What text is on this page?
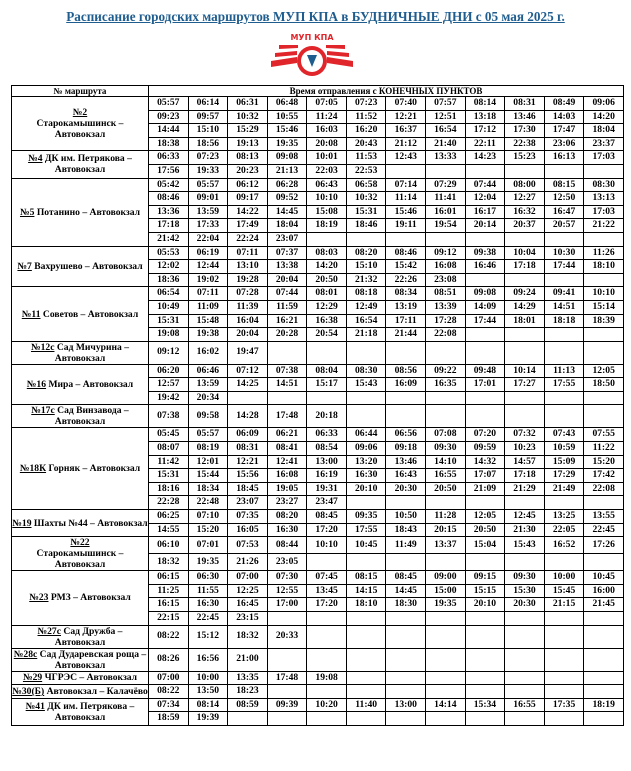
Расписание городских маршрутов МУП КПА в БУДНИЧНЫЕ ДНИ с 05 мая 2025 г.
МУП КПА
№ маршрута	Время отправления с КОНЕЧНЫХ ПУНКТОВ											
№2
Старокамышинск – Автовокзал	05:57	06:14	06:31	06:48	07:05	07:23	07:40	07:57	08:14	08:31	08:49	09:06
	09:23	09:57	10:32	10:55	11:24	11:52	12:21	12:51	13:18	13:46	14:03	14:20
	14:44	15:10	15:29	15:46	16:03	16:20	16:37	16:54	17:12	17:30	17:47	18:04
	18:38	18:56	19:13	19:35	20:08	20:43	21:12	21:40	22:11	22:38	23:06	23:37
№4 ДК им. Петрякова – Автовокзал	06:33	07:23	08:13	09:08	10:01	11:53	12:43	13:33	14:23	15:23	16:13	17:03
	17:56	19:33	20:23	21:13	22:03	22:53						
№5 Потанино – Автовокзал	05:42	05:57	06:12	06:28	06:43	06:58	07:14	07:29	07:44	08:00	08:15	08:30
	08:46	09:01	09:17	09:52	10:10	10:32	11:14	11:41	12:04	12:27	12:50	13:13
	13:36	13:59	14:22	14:45	15:08	15:31	15:46	16:01	16:17	16:32	16:47	17:03
	17:18	17:33	17:49	18:04	18:19	18:46	19:11	19:54	20:14	20:37	20:57	21:22
	21:42	22:04	22:24	23:07								
№7 Вахрушево – Автовокзал	05:53	06:19	07:11	07:37	08:03	08:20	08:46	09:12	09:38	10:04	10:30	11:26
	12:02	12:44	13:10	13:38	14:20	15:10	15:42	16:08	16:46	17:18	17:44	18:10
	18:36	19:02	19:28	20:04	20:50	21:32	22:26	23:08				
№11 Советов – Автовокзал	06:54	07:11	07:28	07:44	08:01	08:18	08:34	08:51	09:08	09:24	09:41	10:10
	10:49	11:09	11:39	11:59	12:29	12:49	13:19	13:39	14:09	14:29	14:51	15:14
	15:31	15:48	16:04	16:21	16:38	16:54	17:11	17:28	17:44	18:01	18:18	18:39
	19:08	19:38	20:04	20:28	20:54	21:18	21:44	22:08				
№12с Сад Мичурина – Автовокзал	09:12	16:02	19:47									
№16 Мира – Автовокзал	06:20	06:46	07:12	07:38	08:04	08:30	08:56	09:22	09:48	10:14	11:13	12:05
	12:57	13:59	14:25	14:51	15:17	15:43	16:09	16:35	17:01	17:27	17:55	18:50
	19:42	20:34										
№17с Сад Винзавода – Автовокзал	07:38	09:58	14:28	17:48	20:18							
№18К Горняк – Автовокзал	05:45	05:57	06:09	06:21	06:33	06:44	06:56	07:08	07:20	07:32	07:43	07:55
	08:07	08:19	08:31	08:41	08:54	09:06	09:18	09:30	09:59	10:23	10:59	11:22
	11:42	12:01	12:21	12:41	13:00	13:20	13:46	14:10	14:32	14:57	15:09	15:20
	15:31	15:44	15:56	16:08	16:19	16:30	16:43	16:55	17:07	17:18	17:29	17:42
	18:16	18:34	18:45	19:05	19:31	20:10	20:30	20:50	21:09	21:29	21:49	22:08
	22:28	22:48	23:07	23:27	23:47							
№19 Шахты №44 – Автовокзал	06:25	07:10	07:35	08:20	08:45	09:35	10:50	11:28	12:05	12:45	13:25	13:55
	14:55	15:20	16:05	16:30	17:20	17:55	18:43	20:15	20:50	21:30	22:05	22:45
№22
Старокамышинск – Автовокзал	06:10	07:01	07:53	08:44	10:10	10:45	11:49	13:37	15:04	15:43	16:52	17:26
	18:32	19:35	21:26	23:05								
№23 РМЗ – Автовокзал	06:15	06:30	07:00	07:30	07:45	08:15	08:45	09:00	09:15	09:30	10:00	10:45
	11:25	11:55	12:25	12:55	13:45	14:15	14:45	15:00	15:15	15:30	15:45	16:00
	16:15	16:30	16:45	17:00	17:20	18:10	18:30	19:35	20:10	20:30	21:15	21:45
	22:15	22:45	23:15									
№27с Сад Дружба – Автовокзал	08:22	15:12	18:32	20:33								
№28с Сад Дударевская роща – Автовокзал	08:26	16:56	21:00									
№29 ЧГРЭС – Автовокзал	07:00	10:00	13:35	17:48	19:08							
№30(Б) Автовокзал – Калачёво	08:22	13:50	18:23									
№41 ДК им. Петрякова – Автовокзал	07:34	08:14	08:59	09:39	10:20	11:40	13:00	14:14	15:34	16:55	17:35	18:19
	18:59	19:39										
